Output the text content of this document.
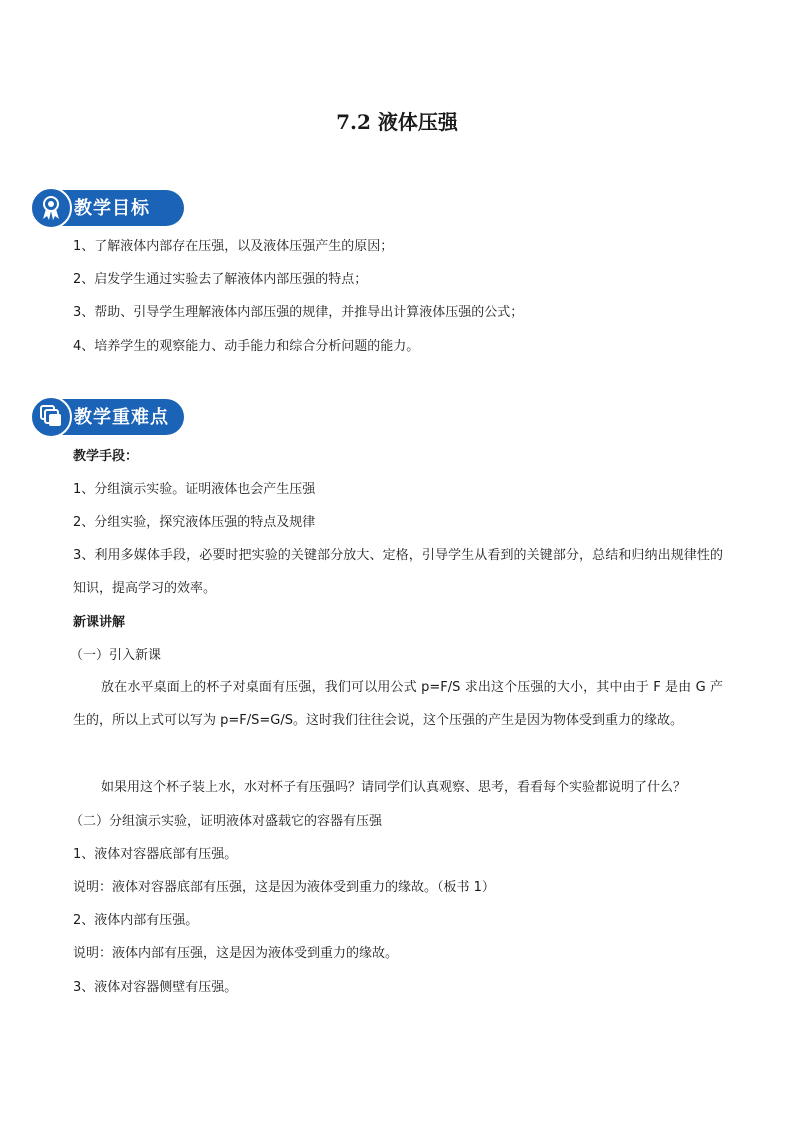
7.2 液体压强
教学目标
1、了解液体内部存在压强，以及液体压强产生的原因；
2、启发学生通过实验去了解液体内部压强的特点；
3、帮助、引导学生理解液体内部压强的规律，并推导出计算液体压强的公式；
4、培养学生的观察能力、动手能力和综合分析问题的能力。
教学重难点
教学手段：
1、分组演示实验。证明液体也会产生压强
2、分组实验，探究液体压强的特点及规律
3、利用多媒体手段，必要时把实验的关键部分放大、定格，引导学生从看到的关键部分，总结和归纳出规律性的知识，提高学习的效率。
新课讲解
（一）引入新课
放在水平桌面上的杯子对桌面有压强，我们可以用公式 p=F/S 求出这个压强的大小，其中由于 F 是由 G 产生的，所以上式可以写为 p=F/S=G/S。这时我们往往会说，这个压强的产生是因为物体受到重力的缘故。
如果用这个杯子装上水，水对杯子有压强吗？请同学们认真观察、思考，看看每个实验都说明了什么？
（二）分组演示实验，证明液体对盛载它的容器有压强
1、液体对容器底部有压强。
说明：液体对容器底部有压强，这是因为液体受到重力的缘故。（板书 1）
2、液体内部有压强。
说明：液体内部有压强，这是因为液体受到重力的缘故。
3、液体对容器侧壁有压强。
